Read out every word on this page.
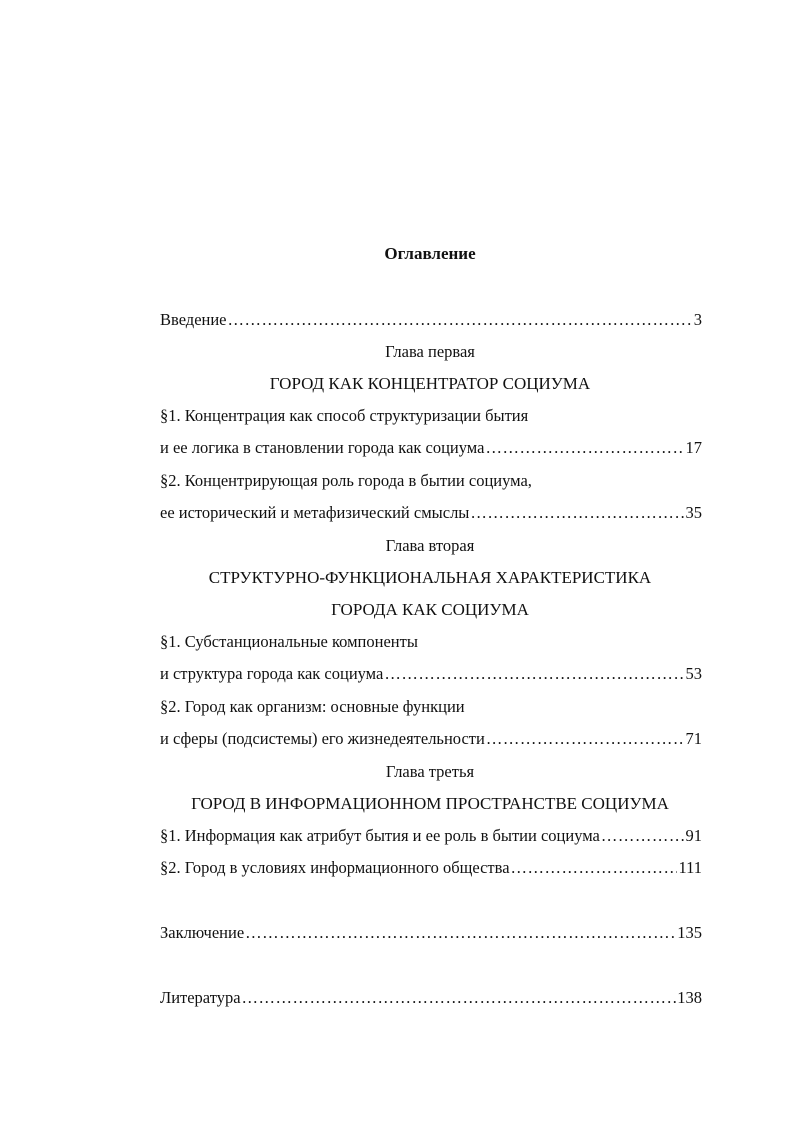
Оглавление
Введение ……………………………………………………………………………………………………………………………………………	3
Глава первая
ГОРОД КАК КОНЦЕНТРАТОР СОЦИУМА
§1. Концентрация как способ структуризации бытия
и ее логика в становлении города как социума ……………………………………………………………………………………………………………………………………………	17
§2. Концентрирующая роль города в бытии социума,
ее исторический и метафизический смыслы ……………………………………………………………………………………………………………………………………………	35
Глава вторая
СТРУКТУРНО-ФУНКЦИОНАЛЬНАЯ ХАРАКТЕРИСТИКА
ГОРОДА КАК СОЦИУМА
§1. Субстанциональные компоненты
и структура города как социума ……………………………………………………………………………………………………………………………………………	53
§2. Город как организм: основные функции
и сферы (подсистемы) его жизнедеятельности ……………………………………………………………………………………………………………………………………………	71
Глава третья
ГОРОД В ИНФОРМАЦИОННОМ ПРОСТРАНСТВЕ СОЦИУМА
§1. Информация как атрибут бытия и ее роль в бытии социума ……………………………………………………………………………………………………………………………………………	91
§2. Город в условиях информационного общества ……………………………………………………………………………………………………………………………………………	111
Заключение ……………………………………………………………………………………………………………………………………………	135
Литература ……………………………………………………………………………………………………………………………………………	138
